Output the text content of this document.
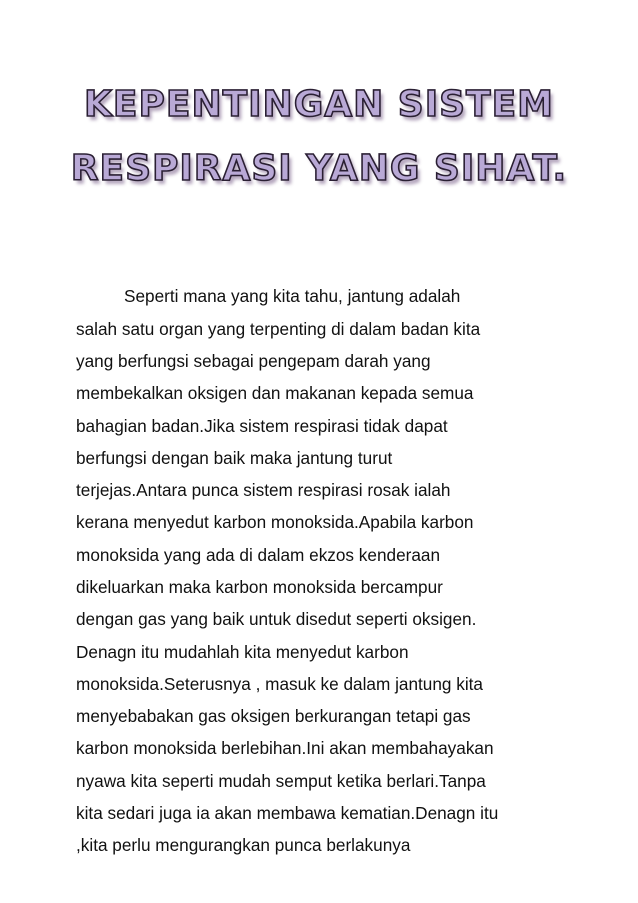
KEPENTINGAN SISTEM
RESPIRASI YANG SIHAT.
Seperti mana yang kita tahu, jantung adalah
salah satu organ yang terpenting di dalam badan kita
yang berfungsi sebagai pengepam darah yang
membekalkan oksigen dan makanan kepada semua
bahagian badan.Jika sistem respirasi tidak dapat
berfungsi dengan baik maka jantung turut
terjejas.Antara punca sistem respirasi rosak ialah
kerana menyedut karbon monoksida.Apabila karbon
monoksida yang ada di dalam ekzos kenderaan
dikeluarkan maka karbon monoksida bercampur
dengan gas yang baik untuk disedut seperti oksigen.
Denagn itu mudahlah kita menyedut karbon
monoksida.Seterusnya , masuk ke dalam jantung kita
menyebabakan gas oksigen berkurangan tetapi gas
karbon monoksida berlebihan.Ini akan membahayakan
nyawa kita seperti mudah semput ketika berlari.Tanpa
kita sedari juga ia akan membawa kematian.Denagn itu
,kita perlu mengurangkan punca berlakunya
